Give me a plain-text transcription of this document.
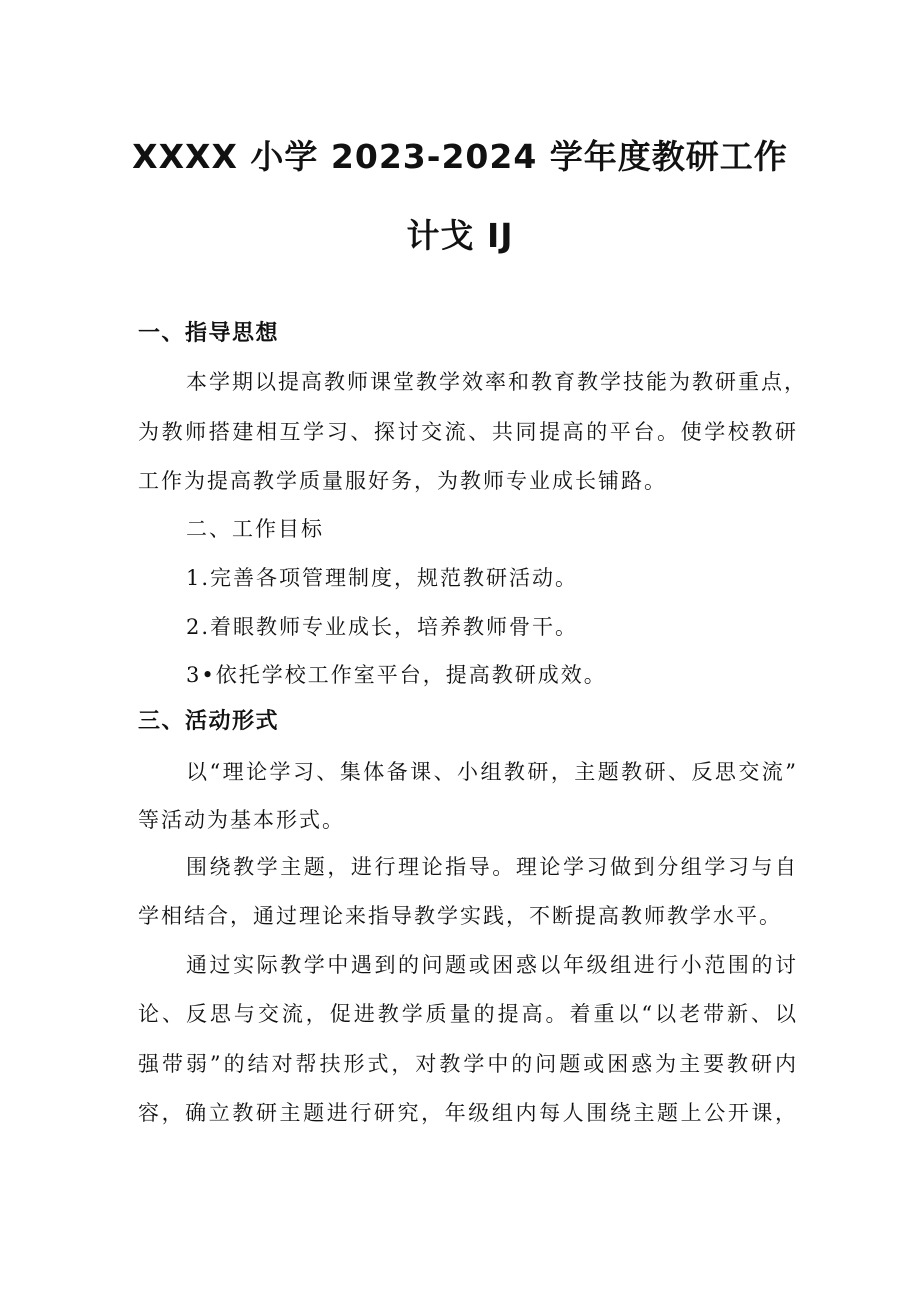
XXXX 小学 2023-2024 学年度教研工作
计戈 IJ
一、指导思想
本学期以提高教师课堂教学效率和教育教学技能为教研重点，
为教师搭建相互学习、探讨交流、共同提高的平台。使学校教研
工作为提高教学质量服好务，为教师专业成长铺路。
二、工作目标
1.完善各项管理制度，规范教研活动。
2.着眼教师专业成长，培养教师骨干。
3•依托学校工作室平台，提高教研成效。
三、活动形式
以“理论学习、集体备课、小组教研，主题教研、反思交流”
等活动为基本形式。
围绕教学主题，进行理论指导。理论学习做到分组学习与自
学相结合，通过理论来指导教学实践，不断提高教师教学水平。
通过实际教学中遇到的问题或困惑以年级组进行小范围的讨
论、反思与交流，促进教学质量的提高。着重以“以老带新、以
强带弱”的结对帮扶形式，对教学中的问题或困惑为主要教研内
容，确立教研主题进行研究，年级组内每人围绕主题上公开课，
